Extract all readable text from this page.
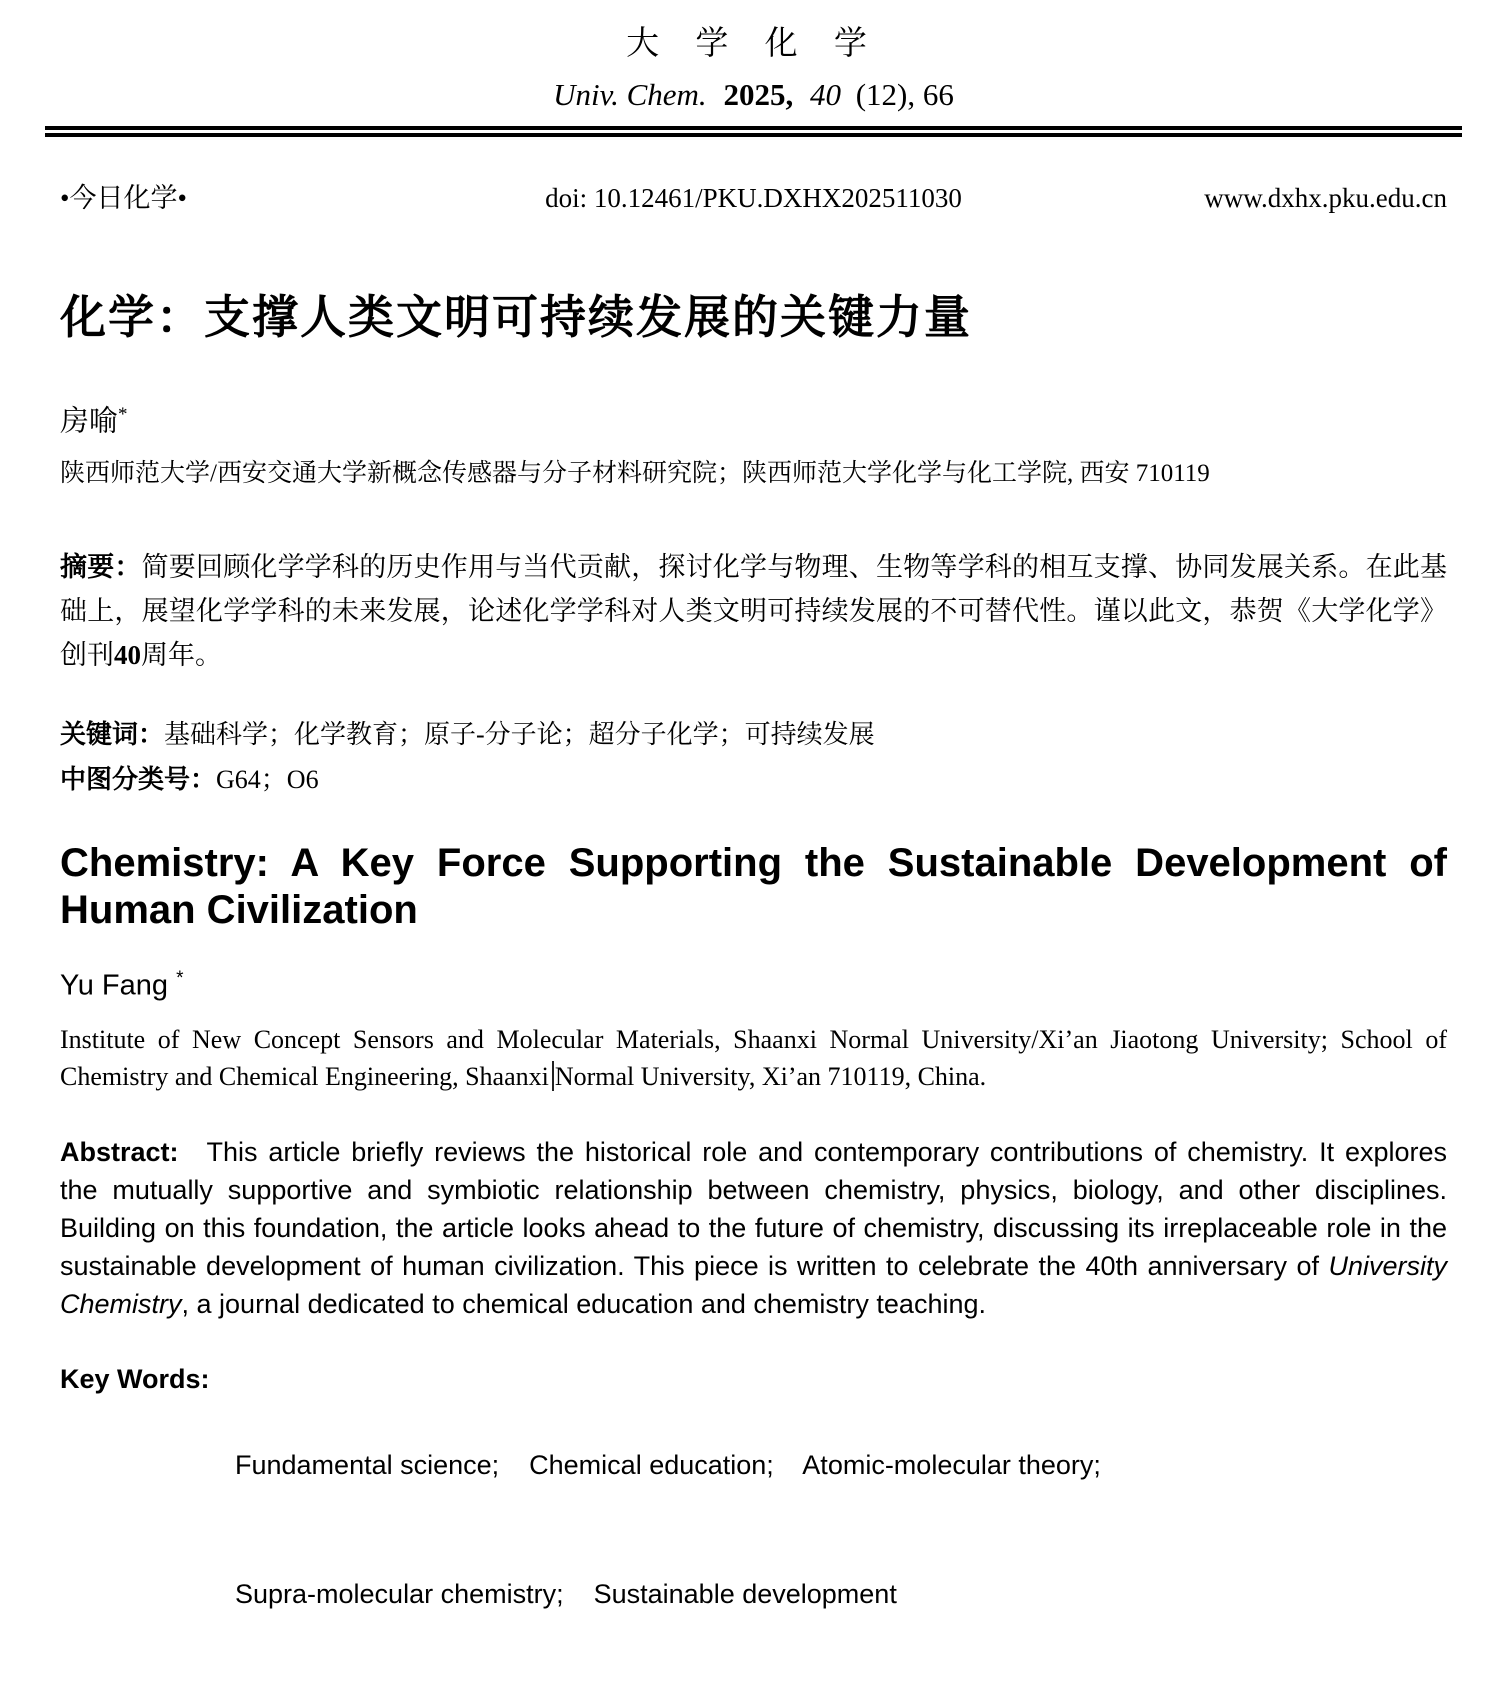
大 学 化 学
Univ. Chem. 2025, 40 (12), 66
•今日化学•	doi: 10.12461/PKU.DXHX202511030	www.dxhx.pku.edu.cn
化学：支撑人类文明可持续发展的关键力量
房喻*
陕西师范大学/西安交通大学新概念传感器与分子材料研究院；陕西师范大学化学与化工学院, 西安 710119

摘要：简要回顾化学学科的历史作用与当代贡献，探讨化学与物理、生物等学科的相互支撑、协同发展关系。在此基础上，展望化学学科的未来发展，论述化学学科对人类文明可持续发展的不可替代性。谨以此文，恭贺《大学化学》创刊40周年。

关键词：基础科学；化学教育；原子-分子论；超分子化学；可持续发展
中图分类号：G64；O6
Chemistry: A Key Force Supporting the Sustainable Development of
Human Civilization
Yu Fang *

Institute of New Concept Sensors and Molecular Materials, Shaanxi Normal University/Xi’an Jiaotong University; School of Chemistry and Chemical Engineering, Shaanxi Normal University, Xi’an 710119, China.

Abstract: This article briefly reviews the historical role and contemporary contributions of chemistry. It explores the mutually supportive and symbiotic relationship between chemistry, physics, biology, and other disciplines. Building on this foundation, the article looks ahead to the future of chemistry, discussing its irreplaceable role in the sustainable development of human civilization. This piece is written to celebrate the 40th anniversary of University Chemistry, a journal dedicated to chemical education and chemistry teaching.

Key Words:

Fundamental science;    Chemical education;    Atomic-molecular theory;

Supra-molecular chemistry;    Sustainable development
